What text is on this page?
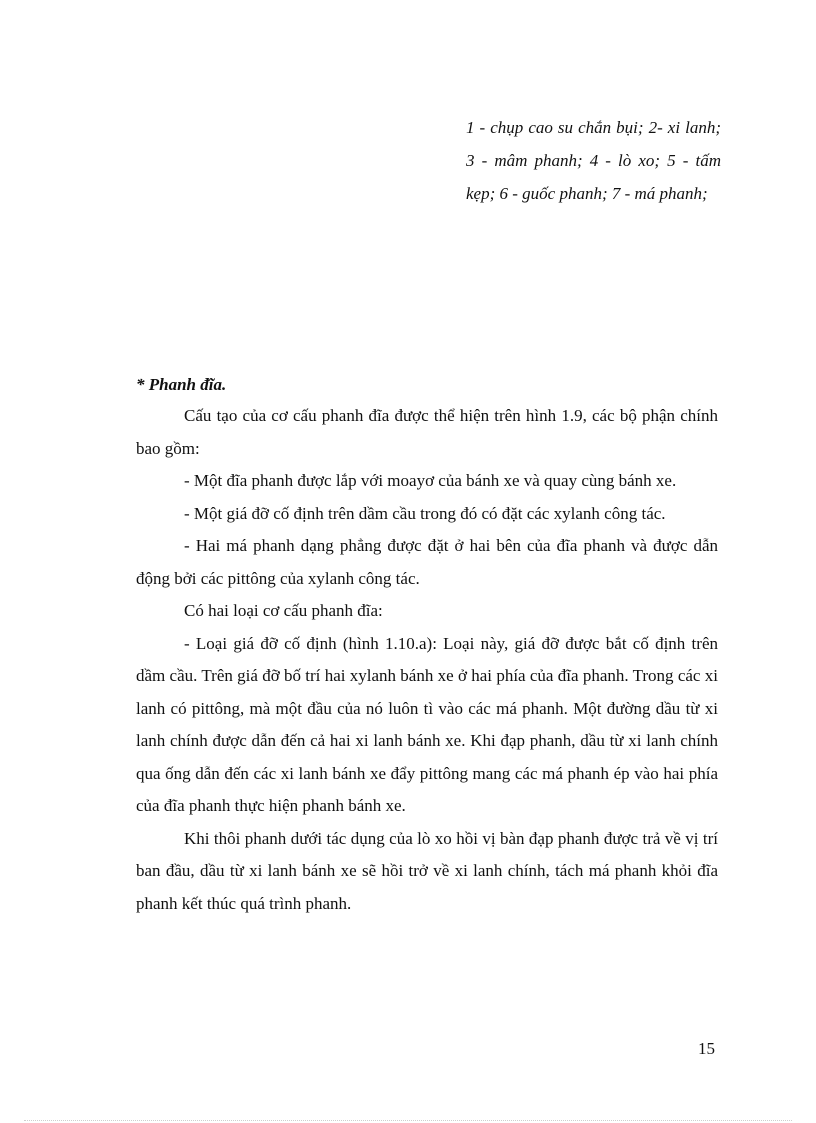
1 - chụp cao su chắn bụi; 2- xi lanh; 3 - mâm phanh; 4 - lò xo; 5 - tấm kẹp; 6 - guốc phanh; 7 - má phanh;
* Phanh đĩa.

Cấu tạo của cơ cấu phanh đĩa được thể hiện trên hình 1.9, các bộ phận chính bao gồm:

- Một đĩa phanh được lắp với moayơ của bánh xe và quay cùng bánh xe.

- Một giá đỡ cố định trên dầm cầu trong đó có đặt các xylanh công tác.

- Hai má phanh dạng phẳng được đặt ở hai bên của đĩa phanh và được dẫn động bởi các pittông của xylanh công tác.

Có hai loại cơ cấu phanh đĩa:

- Loại giá đỡ cố định (hình 1.10.a): Loại này, giá đỡ được bắt cố định trên dầm cầu. Trên giá đỡ bố trí hai xylanh bánh xe ở hai phía của đĩa phanh. Trong các xi lanh có pittông, mà một đầu của nó luôn tì vào các má phanh. Một đường dầu từ xi lanh chính được dẫn đến cả hai xi lanh bánh xe. Khi đạp phanh, dầu từ xi lanh chính qua ống dẫn đến các xi lanh bánh xe đẩy pittông mang các má phanh ép vào hai phía của đĩa phanh thực hiện phanh bánh xe.

Khi thôi phanh dưới tác dụng của lò xo hồi vị bàn đạp phanh được trả về vị trí ban đầu, dầu từ xi lanh bánh xe sẽ hồi trở về xi lanh chính, tách má phanh khỏi đĩa phanh kết thúc quá trình phanh.

15
